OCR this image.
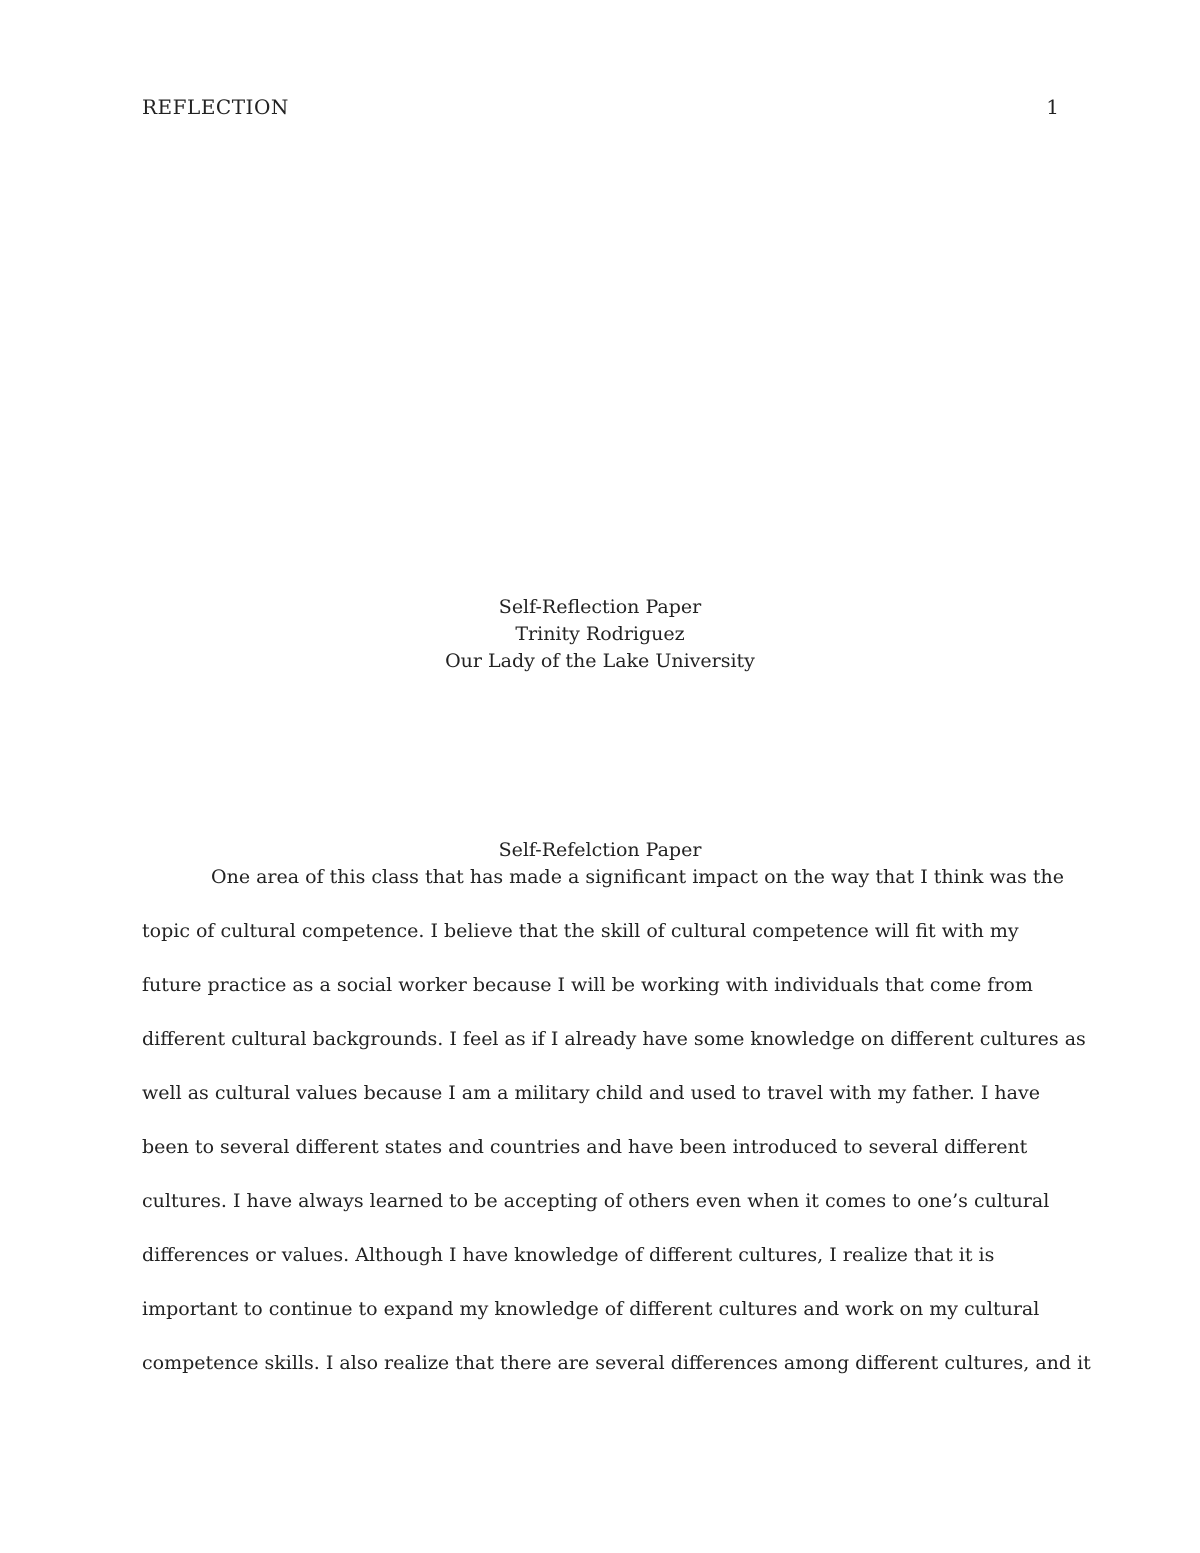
REFLECTION	1
Self-Reflection Paper
Trinity Rodriguez
Our Lady of the Lake University
Self-Refelction Paper
One area of this class that has made a significant impact on the way that I think was the
topic of cultural competence. I believe that the skill of cultural competence will fit with my
future practice as a social worker because I will be working with individuals that come from
different cultural backgrounds. I feel as if I already have some knowledge on different cultures as
well as cultural values because I am a military child and used to travel with my father. I have
been to several different states and countries and have been introduced to several different
cultures. I have always learned to be accepting of others even when it comes to one’s cultural
differences or values. Although I have knowledge of different cultures, I realize that it is
important to continue to expand my knowledge of different cultures and work on my cultural
competence skills. I also realize that there are several differences among different cultures, and it
